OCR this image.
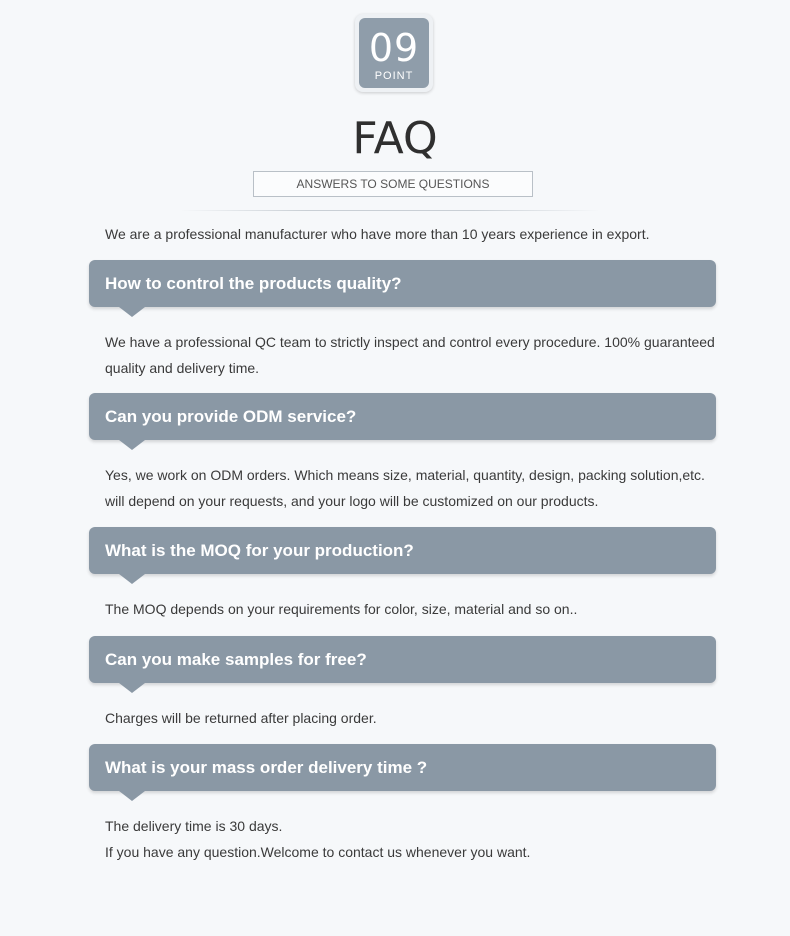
09
POINT
FAQ
ANSWERS TO SOME QUESTIONS

We are a professional manufacturer who have more than 10 years experience in export.

How to control the products quality?

We have a professional QC team to strictly inspect and control every procedure. 100% guaranteed
quality and delivery time.

Can you provide ODM service?

Yes, we work on ODM orders. Which means size, material, quantity, design, packing solution,etc.
will depend on your requests, and your logo will be customized on our products.

What is the MOQ for your production?

The MOQ depends on your requirements for color, size, material and so on..

Can you make samples for free?

Charges will be returned after placing order.

What is your mass order delivery time ?

The delivery time is 30 days.
If you have any question.Welcome to contact us whenever you want.
